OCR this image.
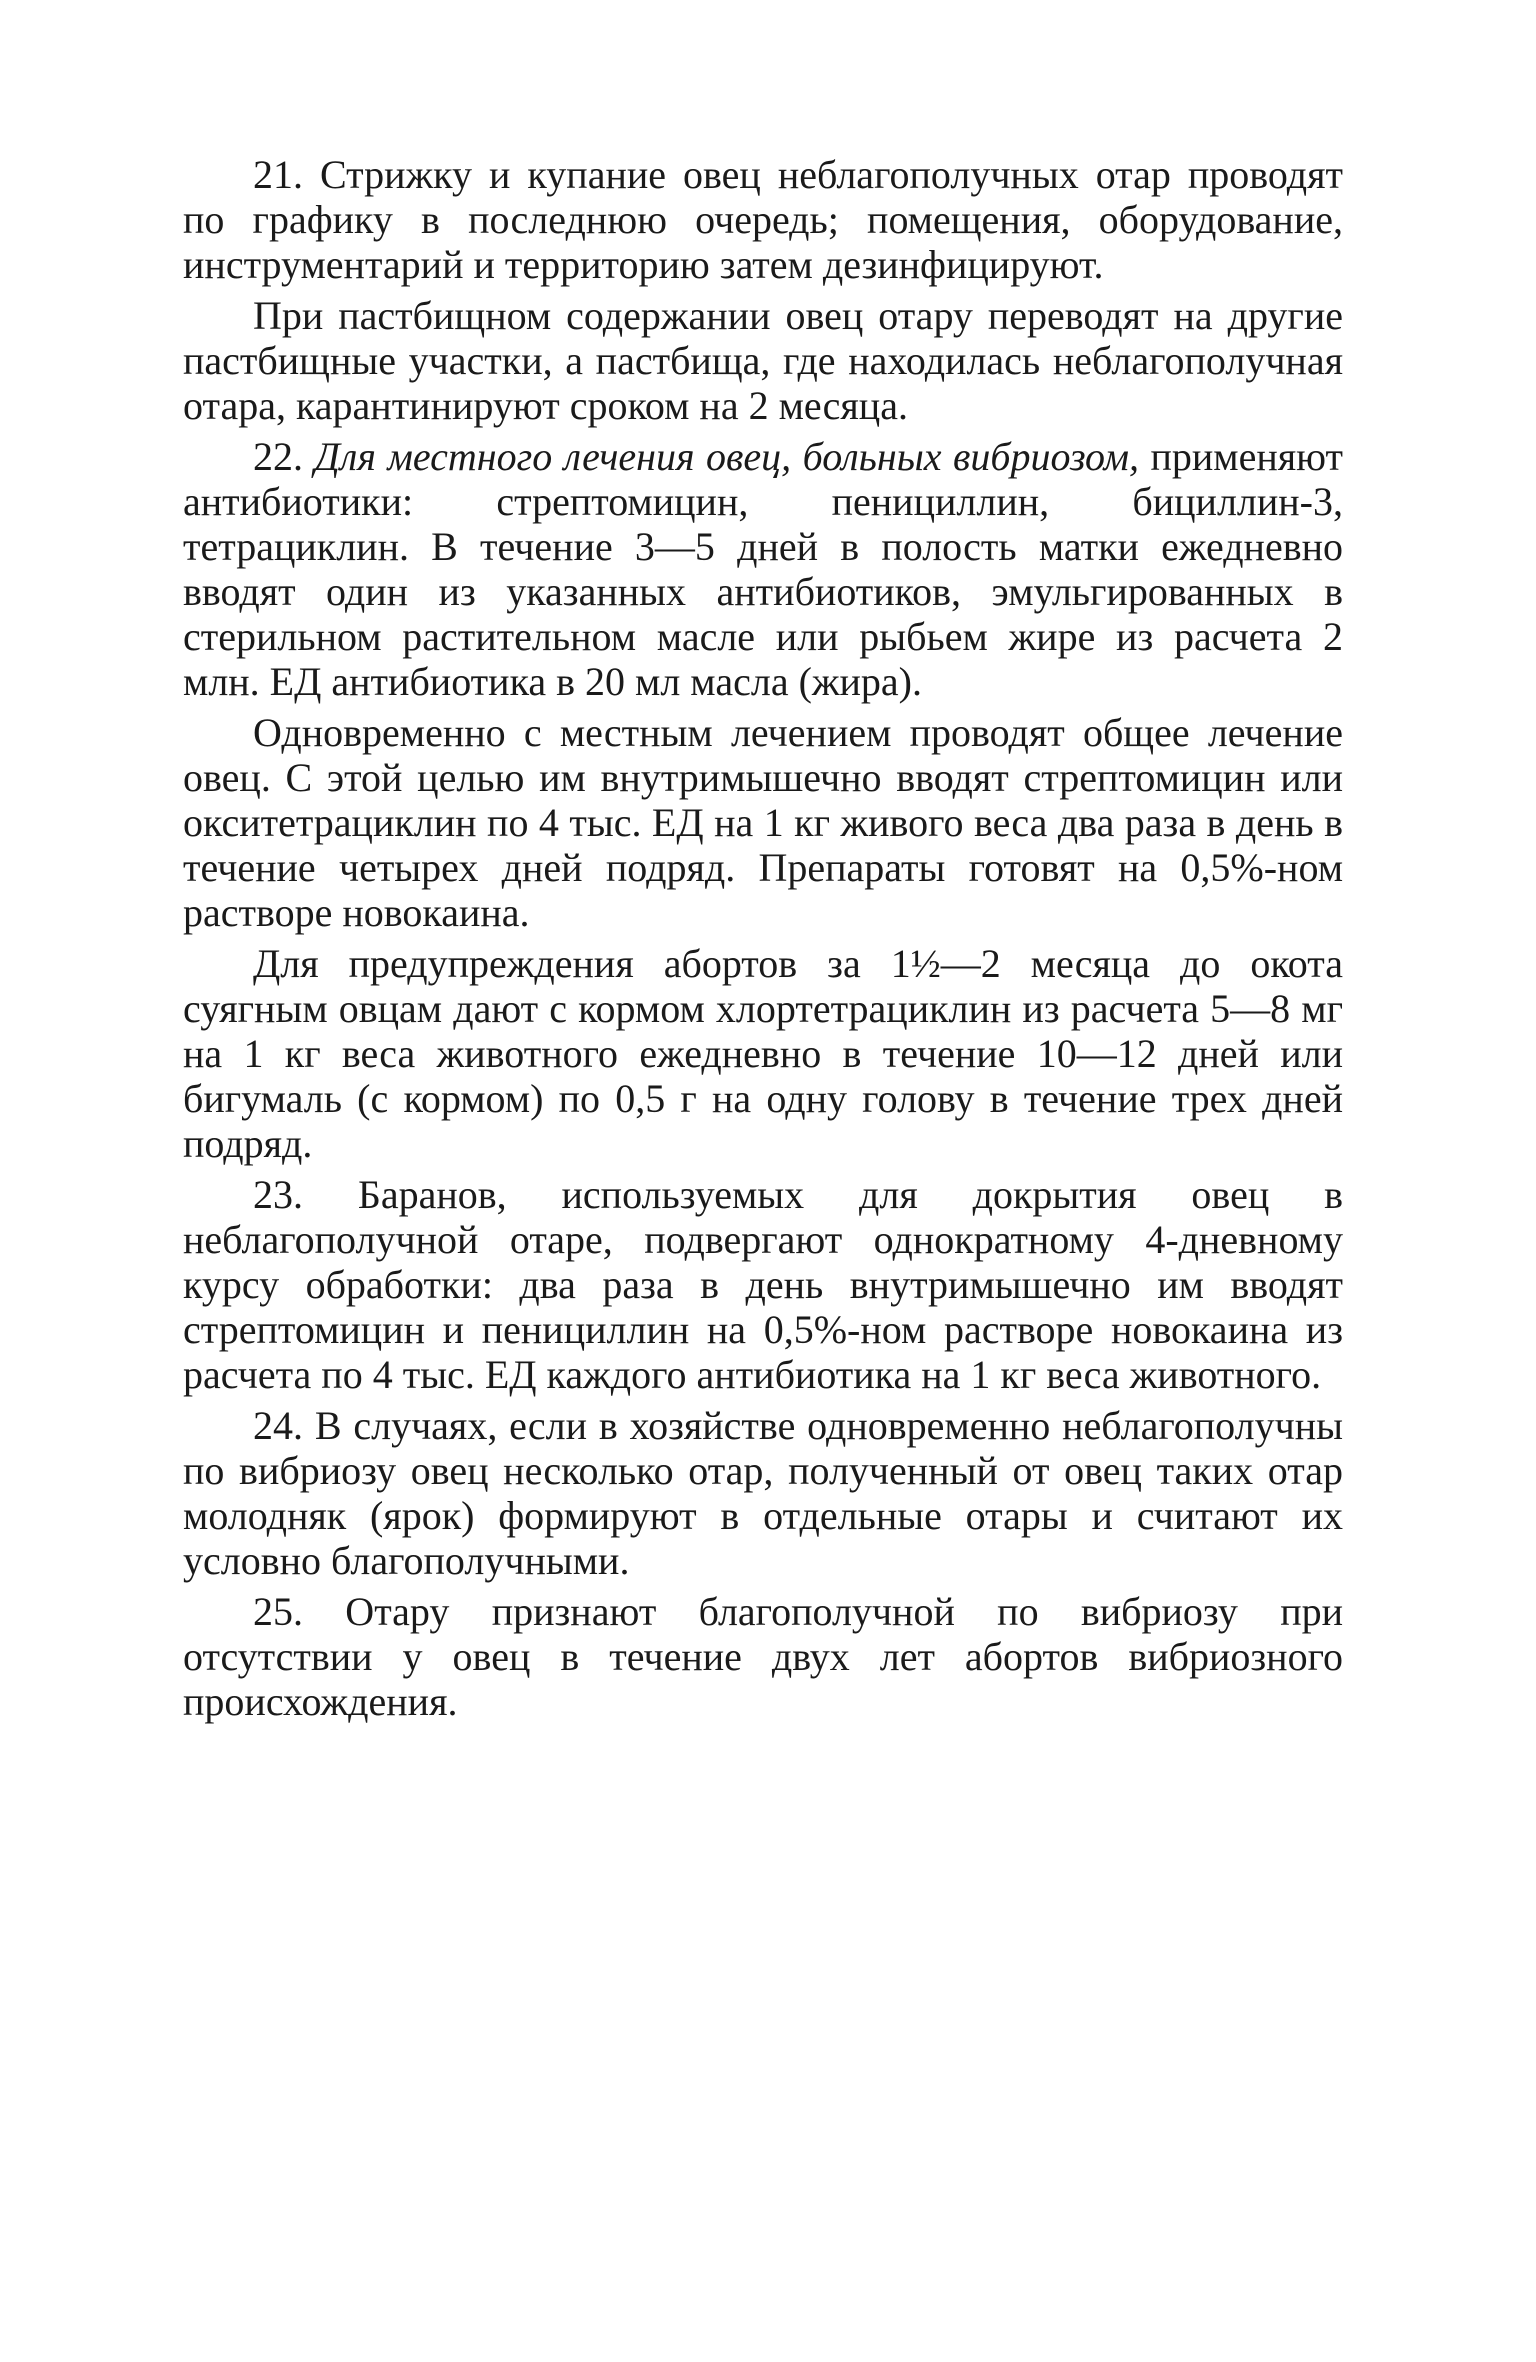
21. Стрижку и купание овец неблагополучных отар проводят по графику в последнюю очередь; помещения, оборудование, инструментарий и территорию затем дезинфицируют.

При пастбищном содержании овец отару переводят на другие пастбищные участки, а пастбища, где находилась неблагополучная отара, карантинируют сроком на 2 месяца.

22. Для местного лечения овец, больных вибриозом, применяют антибиотики: стрептомицин, пенициллин, бициллин-3, тетрациклин. В течение 3—5 дней в полость матки ежедневно вводят один из указанных антибиотиков, эмульгированных в стерильном растительном масле или рыбьем жире из расчета 2 млн. ЕД антибиотика в 20 мл масла (жира).

Одновременно с местным лечением проводят общее лечение овец. С этой целью им внутримышечно вводят стрептомицин или окситетрациклин по 4 тыс. ЕД на 1 кг живого веса два раза в день в течение четырех дней подряд. Препараты готовят на 0,5%-ном растворе новокаина.

Для предупреждения абортов за 1½—2 месяца до окота суягным овцам дают с кормом хлортетрациклин из расчета 5—8 мг на 1 кг веса животного ежедневно в течение 10—12 дней или бигумаль (с кормом) по 0,5 г на одну голову в течение трех дней подряд.

23. Баранов, используемых для докрытия овец в неблагополучной отаре, подвергают однократному 4-дневному курсу обработки: два раза в день внутримышечно им вводят стрептомицин и пенициллин на 0,5%-ном растворе новокаина из расчета по 4 тыс. ЕД каждого антибиотика на 1 кг веса животного.

24. В случаях, если в хозяйстве одновременно неблагополучны по вибриозу овец несколько отар, полученный от овец таких отар молодняк (ярок) формируют в отдельные отары и считают их условно благополучными.

25. Отару признают благополучной по вибриозу при отсутствии у овец в течение двух лет абортов вибриозного происхождения.
